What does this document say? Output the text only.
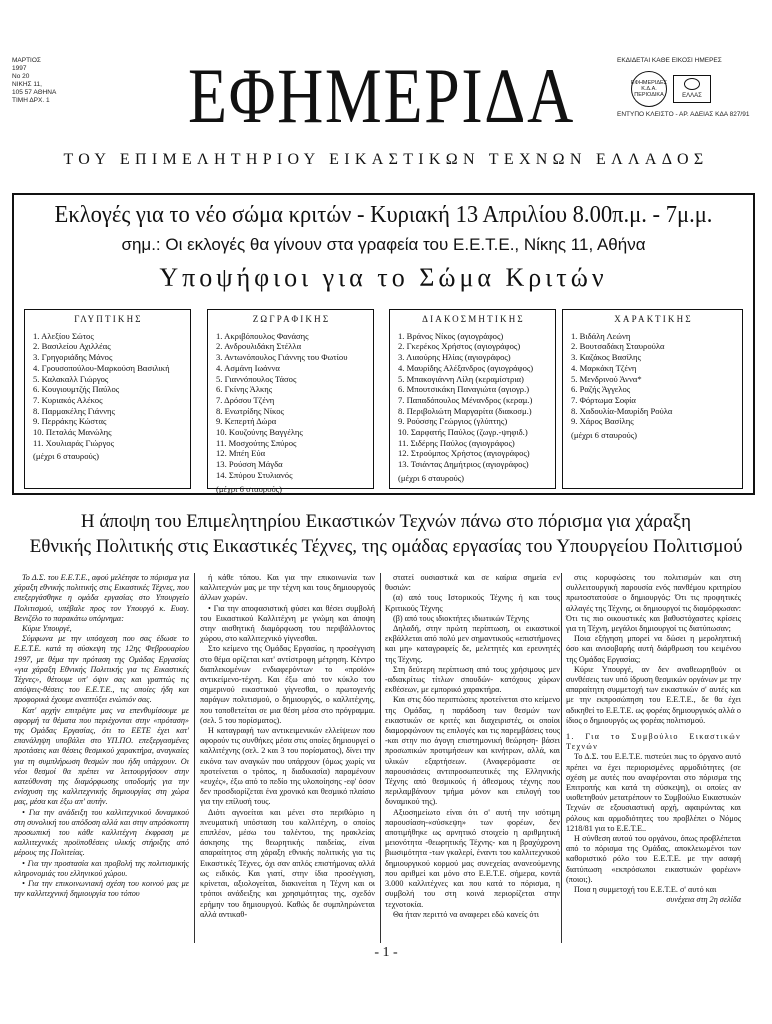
ΜΑΡΤΙΟΣ
1997
Νο 20
ΝΙΚΗΣ 11,
105 57 ΑΘΗΝΑ
ΤΙΜΗ ΔΡΧ. 1	ΕΦΗΜΕΡΙΔΑ	ΕΚΔΙΔΕΤΑΙ ΚΑΘΕ ΕΙΚΟΣΙ ΗΜΕΡΕΣ
ΕΦΗΜΕΡΙΔΕΣ Κ.Δ.Α. ΠΕΡΙΟΔΙΚΑ	ΕΛΛΑΣ
ΕΝΤΥΠΟ ΚΛΕΙΣΤΟ - ΑΡ. ΑΔΕΙΑΣ ΚΔΑ 827/91
ΤΟΥ ΕΠΙΜΕΛΗΤΗΡΙΟΥ ΕΙΚΑΣΤΙΚΩΝ ΤΕΧΝΩΝ ΕΛΛΑΔΟΣ
Εκλογές για το νέο σώμα κριτών - Κυριακή 13 Απριλίου 8.00π.μ. - 7μ.μ.
σημ.: Οι εκλογές θα γίνουν στα γραφεία του Ε.Ε.Τ.Ε., Νίκης 11, Αθήνα
Υποψήφιοι για το Σώμα Κριτών
ΓΛΥΠΤΙΚΗΣ
1. Αλεξίου Σώτος
2. Βασιλείου Αχιλλέας
3. Γρηγοριάδης Μάνος
4. Γρουσοπούλου-Μαρκούση Βασιλική
5. Καλακαλλ Γιώργος
6. Κουγιουμτζής Παύλος
7. Κυριακός Αλέκος
8. Παρμακέλης Γιάννης
9. Περράκης Κώστας
10. Πεταλάς Μανώλης
11. Χουλιαράς Γιώργος
(μέχρι 6 σταυρούς)
ΖΩΓΡΑΦΙΚΗΣ
1. Ακριβόπουλος Φανάσης
2. Ανδρουλιδάκη Στέλλα
3. Αντωνόπουλος Γιάννης του Φωτίου
4. Ασμάνη Ιωάννα
5. Γιαννόπουλος Τάσος
6. Γκίνης Άλκης
7. Δρόσου Τζένη
8. Ενωτρίδης Νίκος
9. Κεπερτή Δώρα
10. Κουζούνης Βαγγέλης
11. Μοσχούτης Σπύρος
12. Μπέη Εύα
13. Ρούσση Μάγδα
14. Σπύρου Στυλιανός
(μέχρι 6 σταυρούς)
ΔΙΑΚΟΣΜΗΤΙΚΗΣ
1. Βράνος Νίκος (αγιογράφος)
2. Γκερέκος Χρήστος (αγιογράφος)
3. Λιαούρης Ηλίας (αγιογράφος)
4. Μαυρίδης Αλέξανδρος (αγιογράφος)
5. Μπακογιάννη Λίλη (κεραμίστρια)
6. Μπουτσικάκη Παναγιώτα (αγιογρ.)
7. Παπαδόπουλος Μένανδρος (κεραμ.)
8. Περιβολιώτη Μαργαρίτα (διακοσμ.)
9. Ρούσσης Γεώργιος (γλύπτης)
10. Σαρφατής Παύλος (ζωγρ.-ψηφιδ.)
11. Σιδέρης Παύλος (αγιογράφος)
12. Στρούμπος Χρήστος (αγιογράφος)
13. Τσιάντας Δημήτριος (αγιογράφος)
(μέχρι 6 σταυρούς)
ΧΑΡΑΚΤΙΚΗΣ
1. Βιδάλη Λεώνη
2. Βουτσαδάκη Σταυρούλα
3. Καζάκος Βασίλης
4. Μαρκάκη Τζένη
5. Μενδρινού Άννα*
6. Ραζής Άγγελος
7. Φόρτωμα Σοφία
8. Χαδουλία-Μαυρίδη Ρούλα
9. Χάρος Βασίλης
(μέχρι 6 σταυρούς)
Η άποψη του Επιμελητηρίου Εικαστικών Τεχνών πάνω στο πόρισμα για χάραξη
Εθνικής Πολιτικής στις Εικαστικές Τέχνες, της ομάδας εργασίας του Υπουργείου Πολιτισμού

Το Δ.Σ. του Ε.Ε.Τ.Ε., αφού μελέτησε το πόρισμα για χάραξη εθνικής πολιτικής στις Εικαστικές Τέχνες, που επεξεργάσθηκε η ομάδα εργασίας στο Υπουργείο Πολιτισμού, υπέβαλε προς τον Υπουργό κ. Ευαγ. Βενιζέλο το παρακάτω υπόμνημα:

Κύριε Υπουργέ,

Σύμφωνα με την υπόσχεση που σας έδωσε το Ε.Ε.Τ.Ε. κατά τη σύσκεψη της 12ης Φεβρουαρίου 1997, με θέμα την πρόταση της Ομάδας Εργασίας «για χάραξη Εθνικής Πολιτικής για τις Εικαστικές Τέχνες», θέτουμε υπ' όψιν σας και γραπτώς τις απόψεις-θέσεις του Ε.Ε.Τ.Ε., τις οποίες ήδη και προφορικά έχουμε αναπτύξει ενώπιόν σας.

Κατ' αρχήν επιτρέψτε μας να επενθυμίσουμε με αφορμή τα θέματα που περιέχονται στην «πρόταση» της Ομάδας Εργασίας, ότι το ΕΕΤΕ έχει κατ' επανάληψη υποβάλει στο ΥΠ.ΠΟ. επεξεργασμένες προτάσεις και θέσεις θεσμικού χαρακτήρα, αναγκαίες για τη συμπλήρωση θεσμών που ήδη υπάρχουν. Οι νέοι θεσμοί θα πρέπει να λειτουργήσουν στην κατεύθυνση της διαμόρφωσης υποδομής για την ενίσχυση της καλλιτεχνικής δημιουργίας στη χώρα μας, μέσα και έξω απ' αυτήν.

• Για την ανάδειξη του καλλιτεχνικού δυναμικού στη συνολική του απόδοση αλλά και στην απρόσκοπτη προσωπική του κάθε καλλιτέχνη έκφραση με καλλιτεχνικές προϋποθέσεις υλικής στήριξης από μέρους της Πολιτείας.

• Για την προστασία και προβολή της πολιτισμικής κληρονομιάς του ελληνικού χώρου.

• Για την επικοινωνιακή σχέση του κοινού μας με την καλλιτεχνική δημιουργία του τόπου

ή κάθε τόπου. Και για την επικοινωνία των καλλιτεχνών μας με την τέχνη και τους δημιουργούς άλλων χωρών.

• Για την αποφασιστική φύσει και θέσει συμβολή του Εικαστικού Καλλιτέχνη με γνώμη και άποψη στην αισθητική διαμόρφωση του περιβάλλοντος χώρου, στο καλλιτεχνικό γίγνεσθαι.

Στο κείμενο της Ομάδας Εργασίας, η προσέγγιση στο θέμα ορίζεται κατ' αντίστροφη μέτρηση. Κέντρο διαπλεκομένων ενδιαφερόντων το «προϊόν» αντικείμενο-τέχνη. Και έξω από τον κύκλο του σημερινού εικαστικού γίγνεσθαι, ο πρωτογενής παράγων πολιτισμού, ο δημιουργός, ο καλλιτέχνης, που τοποθετείται σε μια θέση μέσα στο πρόγραμμα. (σελ. 5 του πορίσματος).

Η καταγραφή των αντικειμενικών ελλείψεων που αφορούν τις συνθήκες μέσα στις οποίες δημιουργεί ο καλλιτέχνης (σελ. 2 και 3 του πορίσματος), δίνει την εικόνα των αναγκών που υπάρχουν (όμως χωρίς να προτείνεται ο τρόπος, η διαδικασία) παραμένουν «ευχές», έξω από το πεδίο της υλοποίησης -εφ' όσον δεν προσδιορίζεται ένα χρονικό και θεσμικό πλαίσιο για την επίλυσή τους.

Διότι αγνοείται και μένει στο περιθώριο η πνευματική υπόσταση του καλλιτέχνη, ο οποίος επιπλέον, μέσω του ταλέντου, της ηρακλείας άσκησης της θεωρητικής παιδείας, είναι απαραίτητος στη χάραξη εθνικής πολιτικής για τις Εικαστικές Τέχνες, όχι σαν απλός επιστήμονας αλλά ως ειδικός. Και γιατί, στην ίδια προσέγγιση, κρίνεται, αξιολογείται, διακινείται η Τέχνη και οι τρόποι ανάδειξης και χρησιμότητας της, σχεδόν ερήμην του δημιουργού. Καθώς δε συμπληρώνεται αλλά αντικαθ-

στατεί ουσιαστικά και σε καίρια σημεία εν θυσιών:

(α) από τους Ιστορικούς Τέχνης ή και τους Κριτικούς Τέχνης

(β) από τους ιδιοκτήτες ιδιωτικών Τέχνης

Δηλαδή, στην πρώτη περίπτωση, οι εικαστικοί εκβάλλεται από πολύ μεν σημαντικούς «επιστήμονες και μη» καταγραφείς δε, μελετητές και ερευνητές της Τέχνης.

Στη δεύτερη περίπτωση από τους χρήσιμους μεν -αδιακρίτως τίτλων σπουδών- κατόχους χώρων εκθέσεων, με εμπορικό χαρακτήρα.

Και στις δύο περιπτώσεις προτείνεται στο κείμενο της Ομάδας, η παράδοση των θεσμών των εικαστικών σε κριτές και διαχειριστές, οι οποίοι διαμορφώνουν τις επιλογές και τις παρεμβάσεις τους -και στην πιο άγογη επιστημονική θεώρηση- βάσει προσωπικών προτιμήσεων και κινήτρων, αλλά, και υλικών εξαρτήσεων. (Αναφερόμαστε σε παρουσιάσεις αντιπροσωπευτικές της Ελληνικής Τέχνης από θεσμικούς ή άθεσμους τέχνης που περιλαμβάνουν τμήμα μόνον και επιλογή του δυναμικού της).

Αξιοσημείωτο είναι ότι σ' αυτή την ισότιμη παρουσίαση-«σύσκεψη» των φορέων, δεν αποτιμήθηκε ως αρνητικό στοιχείο η αριθμητική μειονότητα -θεωρητικής Τέχνης- και η βραχύχρονη βιωσιμότητα -των γκαλερί, έναντι του καλλιτεχνικού δημιουργικού κορμού μας συνεχείας ανανεούμενης που αριθμεί και μόνο στο Ε.Ε.Τ.Ε. σήμερα, κοντά 3.000 καλλιτέχνες και που κατά το πόρισμα, η συμβολή του στη κοινά περιορίζεται στην τεχνοτοκία.

Θα ήταν περιττό να αναφερει εδώ κανείς ότι

στις κορυφώσεις του πολιτισμών και στη συλλειτουργική παρουσία ενός πανθέμου κριτηρίου πρωτοστατούσε ο δημιουργός: Ότι τις προφητικές αλλαγές της Τέχνης, οι δημιουργοί τις διαμόρφωσαν: Ότι τις πιο οικουστικές και βαθυστόχαστες κρίσεις για τη Τέχνη, μεγάλοι δημιουργοί τις διατύπωσαν;

Ποια εξήγηση μπορεί να δώσει η μεροληπτική όσο και ανισοβαρής αυτή διάρθρωση του κειμένου της Ομάδας Εργασίας;

Κύριε Υπουργέ, αν δεν αναθεωρηθούν οι συνθέσεις των υπό ίδρυση θεσμικών οργάνων με την απαραίτητη συμμετοχή των εικαστικών σ' αυτές και με την εκπροσώπηση του Ε.Ε.Τ.Ε., δε θα έχει αδικηθεί το Ε.Ε.Τ.Ε. ως φορέας δημιουργικός αλλά ο ίδιος ο δημιουργός ως φορέας πολιτισμού.

1. Για το Συμβούλιο Εικαστικών Τεχνών

Το Δ.Σ. του Ε.Ε.Τ.Ε. πιστεύει πως το όργανο αυτό πρέπει να έχει περιορισμένες αρμοδιότητες (σε σχέση με αυτές που αναφέρονται στο πόρισμα της Επιτροπής και κατά τη σύσκεψη), οι οποίες αν υιοθετηθούν μετατρέπουν το Συμβούλιο Εικαστικών Τεχνών σε εξουσιαστική αρχή, αφαιρώντας και ρόλους και αρμοδιότητες του προβλέπει ο Νόμος 1218/81 για το Ε.Ε.Τ.Ε..

Η σύνθεση αυτού του οργάνου, όπως προβλέπεται από το πόρισμα της Ομάδας, αποκλειωμένοι των καθοριστικό ρόλο του Ε.Ε.Τ.Ε. με την ασαφή διατύπωση «εκπρόσωποι εικαστικών φορέων» (ποιοι;).

Ποια η συμμετοχή του Ε.Ε.Τ.Ε. σ' αυτό και

συνέχεια στη 2η σελίδα

- 1 -
